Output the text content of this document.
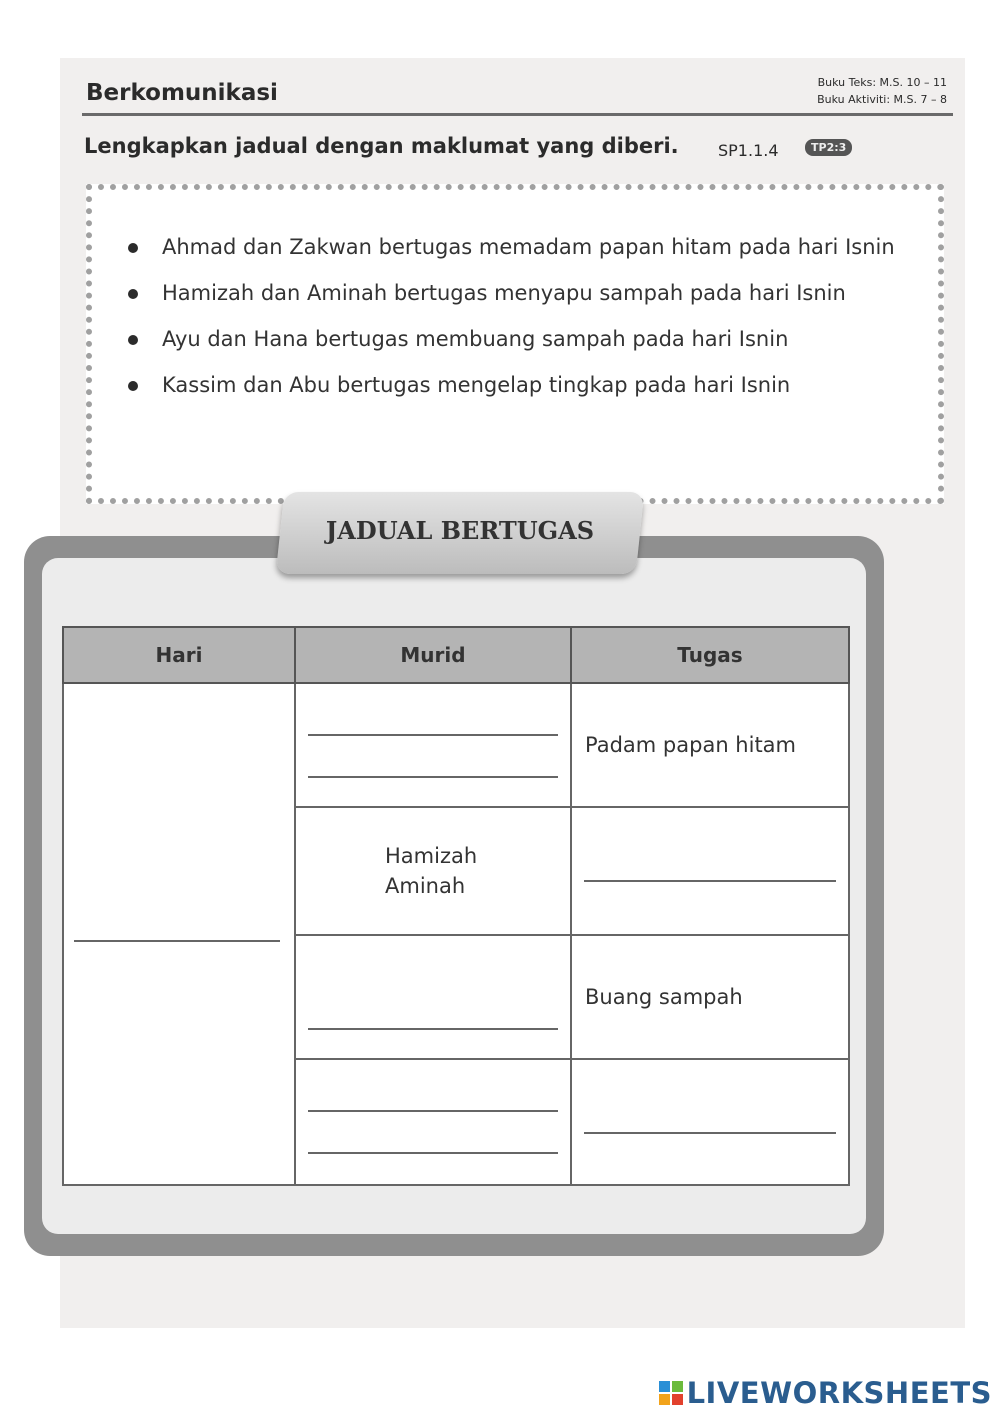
Berkomunikasi	Buku Teks: M.S. 10 – 11
Buku Aktiviti: M.S. 7 – 8
Lengkapkan jadual dengan maklumat yang diberi. SP1.1.4	TP2:3
Ahmad dan Zakwan bertugas memadam papan hitam pada hari Isnin
Hamizah dan Aminah bertugas menyapu sampah pada hari Isnin
Ayu dan Hana bertugas membuang sampah pada hari Isnin
Kassim dan Abu bertugas mengelap tingkap pada hari Isnin
JADUAL BERTUGAS
Hari	Murid	Tugas

		Padam papan hitam

	Hamizah
Aminah	

		Buang sampah

LIVEWORKSHEETS
